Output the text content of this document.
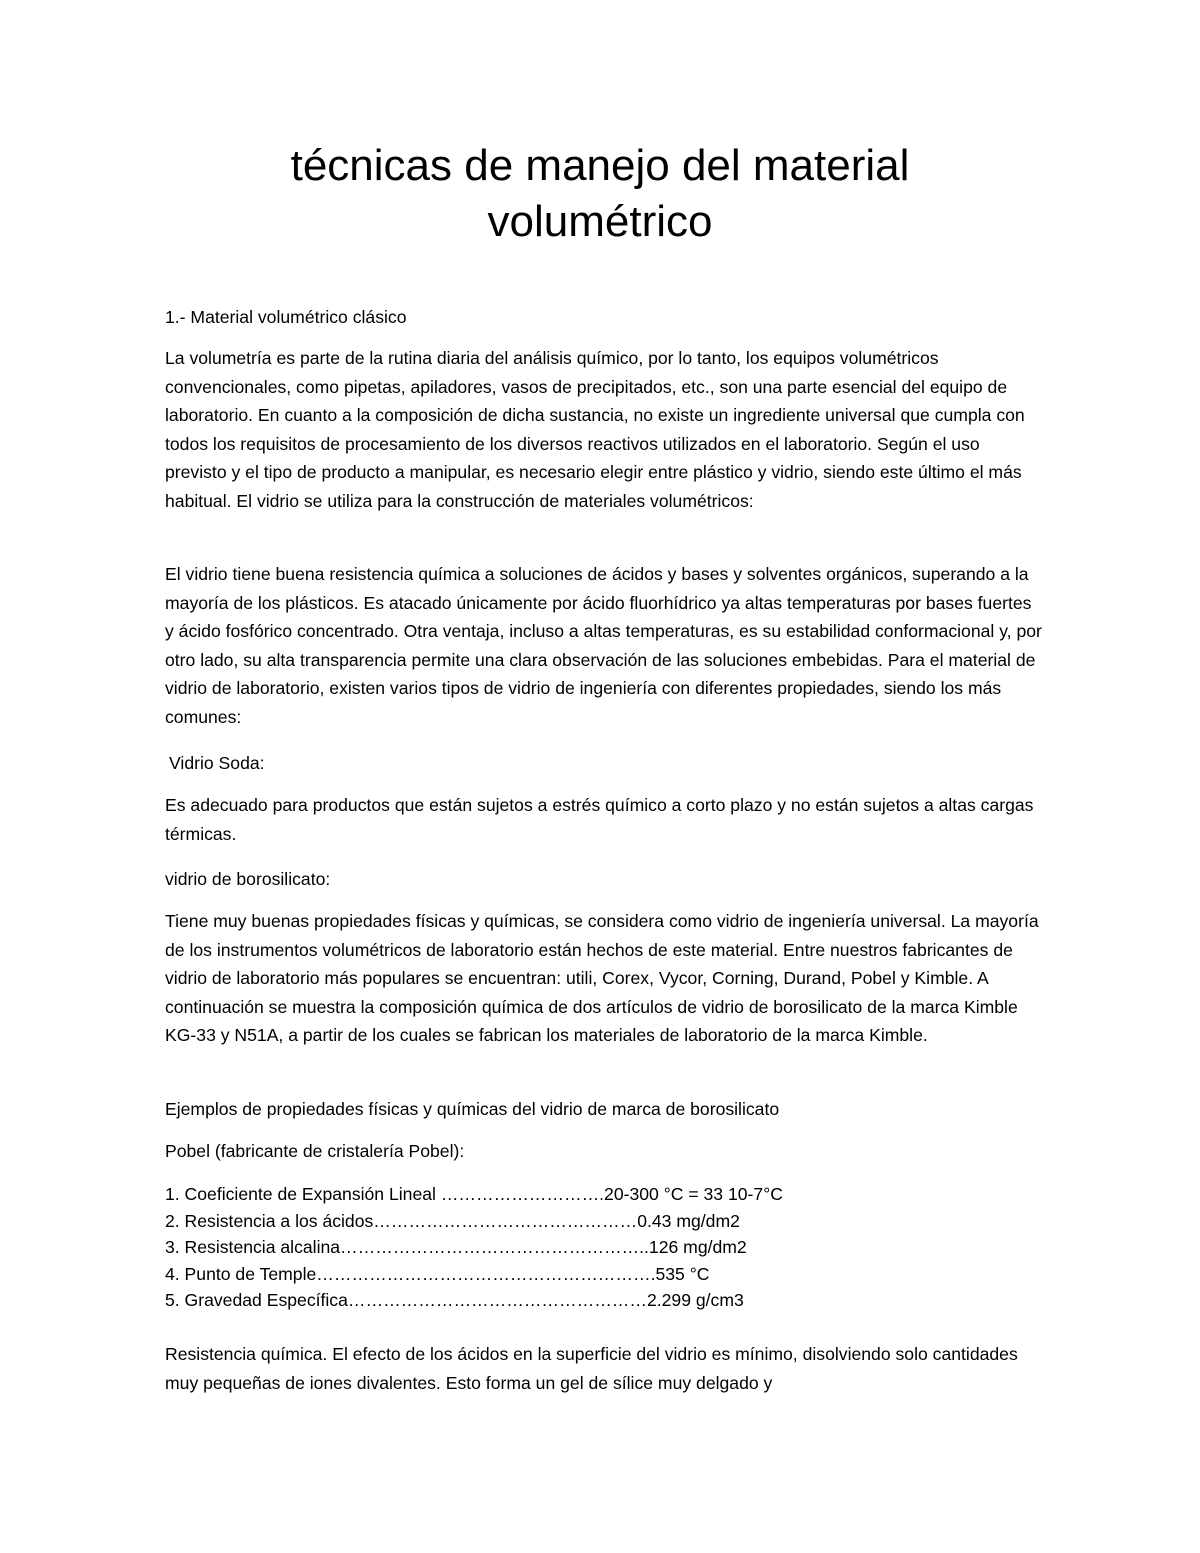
técnicas de manejo del material
volumétrico

1.- Material volumétrico clásico

La volumetría es parte de la rutina diaria del análisis químico, por lo tanto, los equipos volumétricos convencionales, como pipetas, apiladores, vasos de precipitados, etc., son una parte esencial del equipo de laboratorio. En cuanto a la composición de dicha sustancia, no existe un ingrediente universal que cumpla con todos los requisitos de procesamiento de los diversos reactivos utilizados en el laboratorio. Según el uso previsto y el tipo de producto a manipular, es necesario elegir entre plástico y vidrio, siendo este último el más habitual. El vidrio se utiliza para la construcción de materiales volumétricos:

El vidrio tiene buena resistencia química a soluciones de ácidos y bases y solventes orgánicos, superando a la mayoría de los plásticos. Es atacado únicamente por ácido fluorhídrico ya altas temperaturas por bases fuertes y ácido fosfórico concentrado. Otra ventaja, incluso a altas temperaturas, es su estabilidad conformacional y, por otro lado, su alta transparencia permite una clara observación de las soluciones embebidas. Para el material de vidrio de laboratorio, existen varios tipos de vidrio de ingeniería con diferentes propiedades, siendo los más comunes:

Vidrio Soda:

Es adecuado para productos que están sujetos a estrés químico a corto plazo y no están sujetos a altas cargas térmicas.

vidrio de borosilicato:

Tiene muy buenas propiedades físicas y químicas, se considera como vidrio de ingeniería universal. La mayoría de los instrumentos volumétricos de laboratorio están hechos de este material. Entre nuestros fabricantes de vidrio de laboratorio más populares se encuentran: utili, Corex, Vycor, Corning, Durand, Pobel y Kimble. A continuación se muestra la composición química de dos artículos de vidrio de borosilicato de la marca Kimble KG-33 y N51A, a partir de los cuales se fabrican los materiales de laboratorio de la marca Kimble.

Ejemplos de propiedades físicas y químicas del vidrio de marca de borosilicato

Pobel (fabricante de cristalería Pobel):

1. Coeficiente de Expansión Lineal ……………………….20-300 °C = 33 10-7°C
2. Resistencia a los ácidos………………………………………0.43 mg/dm2
3. Resistencia alcalina……………………………………………..126 mg/dm2
4. Punto de Temple………………………………………………….535 °C
5. Gravedad Específica……………………………………………2.299 g/cm3

Resistencia química. El efecto de los ácidos en la superficie del vidrio es mínimo, disolviendo solo cantidades muy pequeñas de iones divalentes. Esto forma un gel de sílice muy delgado y
